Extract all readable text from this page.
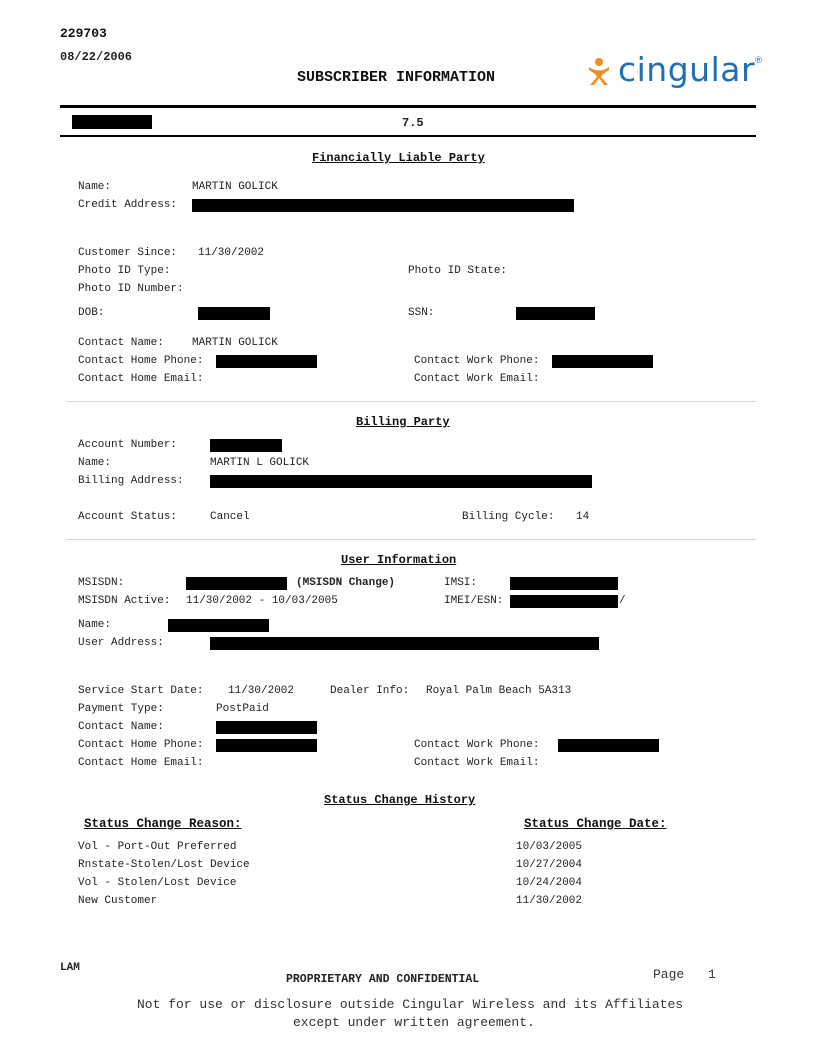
229703
08/22/2006
SUBSCRIBER INFORMATION	cingular
®
7.5
Financially Liable Party
Name:	MARTIN GOLICK
Credit Address:
Customer Since: 11/30/2002
Photo ID Type:	Photo ID State:
Photo ID Number:
DOB:	SSN:
Contact Name:	MARTIN GOLICK
Contact Home Phone:	Contact Work Phone:
Contact Home Email:	Contact Work Email:
Billing Party
Account Number:
Name:	MARTIN L GOLICK
Billing Address:
Account Status:	Cancel	Billing Cycle: 14
User Information
MSISDN:	(MSISDN Change)	IMSI:
MSISDN Active: 11/30/2002 - 10/03/2005	IMEI/ESN:	/
Name:
User Address:
Service Start Date: 11/30/2002	Dealer Info: Royal Palm Beach 5A313
Payment Type:	PostPaid
Contact Name:
Contact Home Phone:	Contact Work Phone:
Contact Home Email:	Contact Work Email:
Status Change History
Status Change Reason:	Status Change Date:
Vol - Port-Out Preferred	10/03/2005
Rnstate-Stolen/Lost Device	10/27/2004
Vol - Stolen/Lost Device	10/24/2004
New Customer	11/30/2002
LAM
PROPRIETARY AND CONFIDENTIAL	Page 1
Not for use or disclosure outside Cingular Wireless and its Affiliates
except under written agreement.
